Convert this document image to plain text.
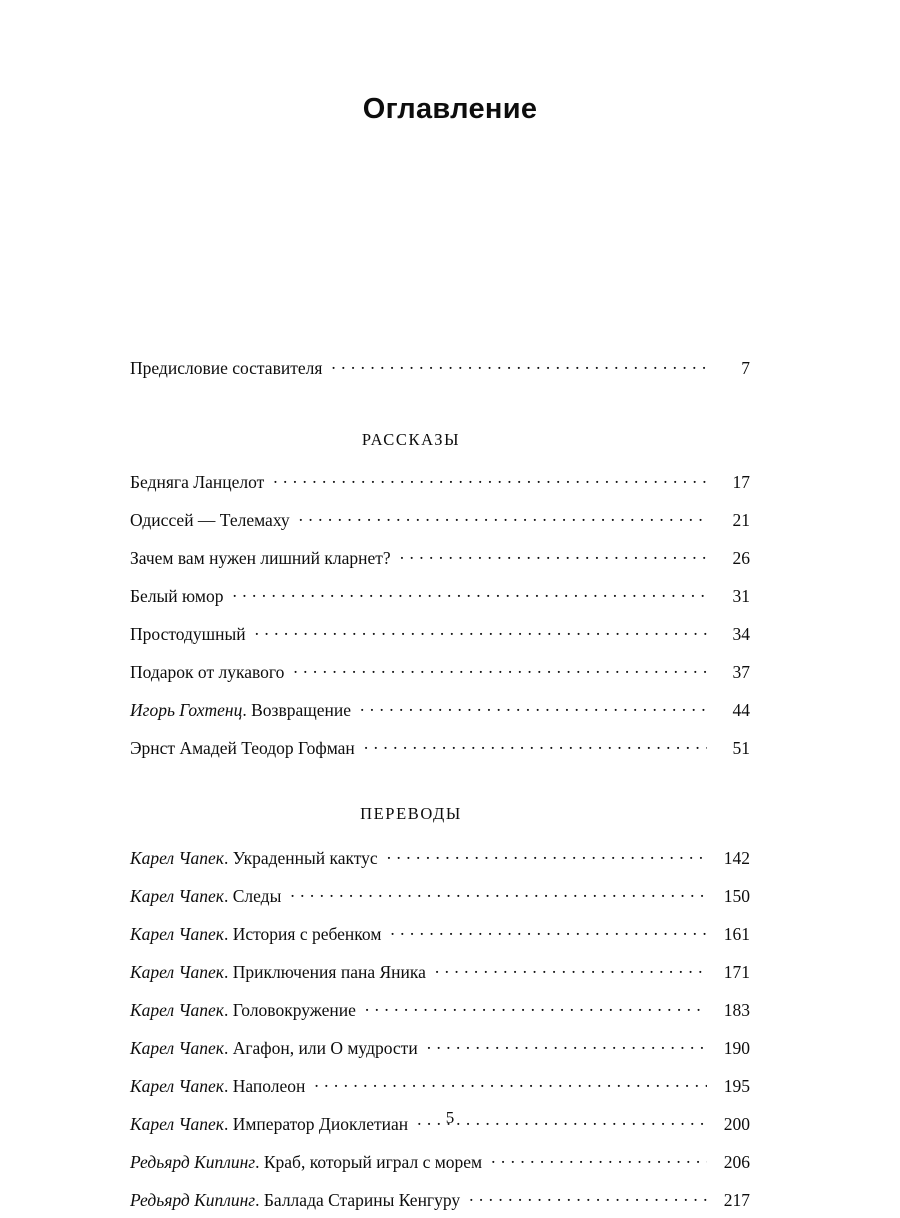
Оглавление
Предисловие составителя . . .	7
РАССКАЗЫ
Бедняга Ланцелот . . .	17
Одиссей — Телемаху . . .	21
Зачем вам нужен лишний кларнет? . . .	26
Белый юмор . . .	31
Простодушный . . .	34
Подарок от лукавого . . .	37
Игорь Гохтенц. Возвращение . . .	44
Эрнст Амадей Теодор Гофман . . .	51
ПЕРЕВОДЫ
Карел Чапек. Украденный кактус . . .	142
Карел Чапек. Следы . . .	150
Карел Чапек. История с ребенком . . .	161
Карел Чапек. Приключения пана Яника . . .	171
Карел Чапек. Головокружение . . .	183
Карел Чапек. Агафон, или О мудрости . . .	190
Карел Чапек. Наполеон . . .	195
Карел Чапек. Император Диоклетиан . . .	200
Редьярд Киплинг. Краб, который играл с морем . . .	206
Редьярд Киплинг. Баллада Старины Кенгуру . . .	217
5
